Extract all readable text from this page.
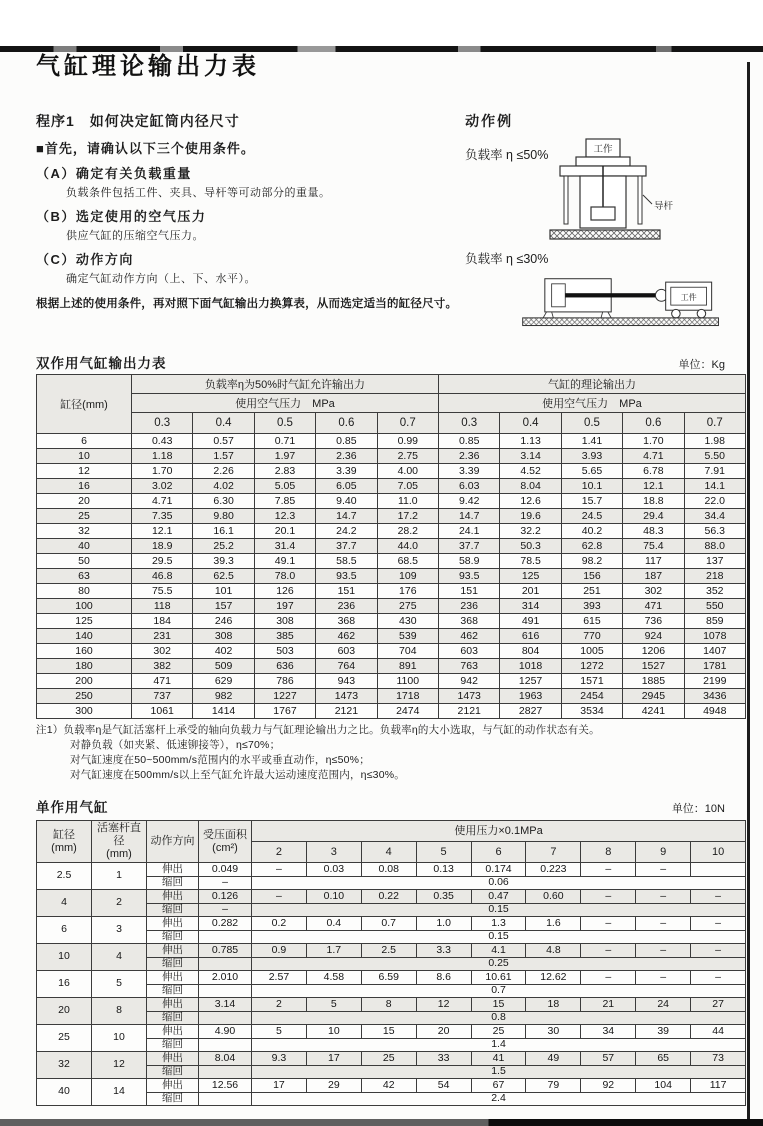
气缸理论输出力表
程序1　如何决定缸筒内径尺寸
■首先，请确认以下三个使用条件。
（A）确定有关负载重量
负载条件包括工件、夹具、导杆等可动部分的重量。
（B）选定使用的空气压力
供应气缸的压缩空气压力。
（C）动作方向
确定气缸动作方向（上、下、水平）。
根据上述的使用条件，再对照下面气缸输出力换算表，从而选定适当的缸径尺寸。
动作例
负载率 η ≤50%	工作
导杆
负载率 η ≤30%
工件
双作用气缸输出力表	单位：Kg
缸径(mm)	负载率η为50%时气缸允许输出力					气缸的理论输出力				
	使用空气压力　MPa					使用空气压力　MPa				
	0.3	0.4	0.5	0.6	0.7	0.3	0.4	0.5	0.6	0.7
6	0.43	0.57	0.71	0.85	0.99	0.85	1.13	1.41	1.70	1.98
10	1.18	1.57	1.97	2.36	2.75	2.36	3.14	3.93	4.71	5.50
12	1.70	2.26	2.83	3.39	4.00	3.39	4.52	5.65	6.78	7.91
16	3.02	4.02	5.05	6.05	7.05	6.03	8.04	10.1	12.1	14.1
20	4.71	6.30	7.85	9.40	11.0	9.42	12.6	15.7	18.8	22.0
25	7.35	9.80	12.3	14.7	17.2	14.7	19.6	24.5	29.4	34.4
32	12.1	16.1	20.1	24.2	28.2	24.1	32.2	40.2	48.3	56.3
40	18.9	25.2	31.4	37.7	44.0	37.7	50.3	62.8	75.4	88.0
50	29.5	39.3	49.1	58.5	68.5	58.9	78.5	98.2	117	137
63	46.8	62.5	78.0	93.5	109	93.5	125	156	187	218
80	75.5	101	126	151	176	151	201	251	302	352
100	118	157	197	236	275	236	314	393	471	550
125	184	246	308	368	430	368	491	615	736	859
140	231	308	385	462	539	462	616	770	924	1078
160	302	402	503	603	704	603	804	1005	1206	1407
180	382	509	636	764	891	763	1018	1272	1527	1781
200	471	629	786	943	1100	942	1257	1571	1885	2199
250	737	982	1227	1473	1718	1473	1963	2454	2945	3436
300	1061	1414	1767	2121	2474	2121	2827	3534	4241	4948
注1）负载率η是气缸活塞杆上承受的轴向负载力与气缸理论输出力之比。负载率η的大小选取，与气缸的动作状态有关。
对静负载（如夹紧、低速铆接等），η≤70%；
对气缸速度在50~500mm/s范围内的水平或垂直动作，η≤50%；
对气缸速度在500mm/s以上至气缸允许最大运动速度范围内，η≤30%。
单作用气缸	单位：10N
缸径
(mm)	活塞杆直径
(mm)	动作方向	受压面积
(cm²)	使用压力×0.1MPa								
				2	3	4	5	6	7	8	9	10
2.5	1	伸出	0.049	–	0.03	0.08	0.13	0.174	0.223	–	–	
		缩回	–	0.06								
4	2	伸出	0.126	–	0.10	0.22	0.35	0.47	0.60	–	–	–
		缩回	–	0.15								
6	3	伸出	0.282	0.2	0.4	0.7	1.0	1.3	1.6	–	–	–
		缩回		0.15								
10	4	伸出	0.785	0.9	1.7	2.5	3.3	4.1	4.8	–	–	–
		缩回		0.25								
16	5	伸出	2.010	2.57	4.58	6.59	8.6	10.61	12.62	–	–	–
		缩回		0.7								
20	8	伸出	3.14	2	5	8	12	15	18	21	24	27
		缩回		0.8								
25	10	伸出	4.90	5	10	15	20	25	30	34	39	44
		缩回		1.4								
32	12	伸出	8.04	9.3	17	25	33	41	49	57	65	73
		缩回		1.5								
40	14	伸出	12.56	17	29	42	54	67	79	92	104	117
		缩回		2.4								
